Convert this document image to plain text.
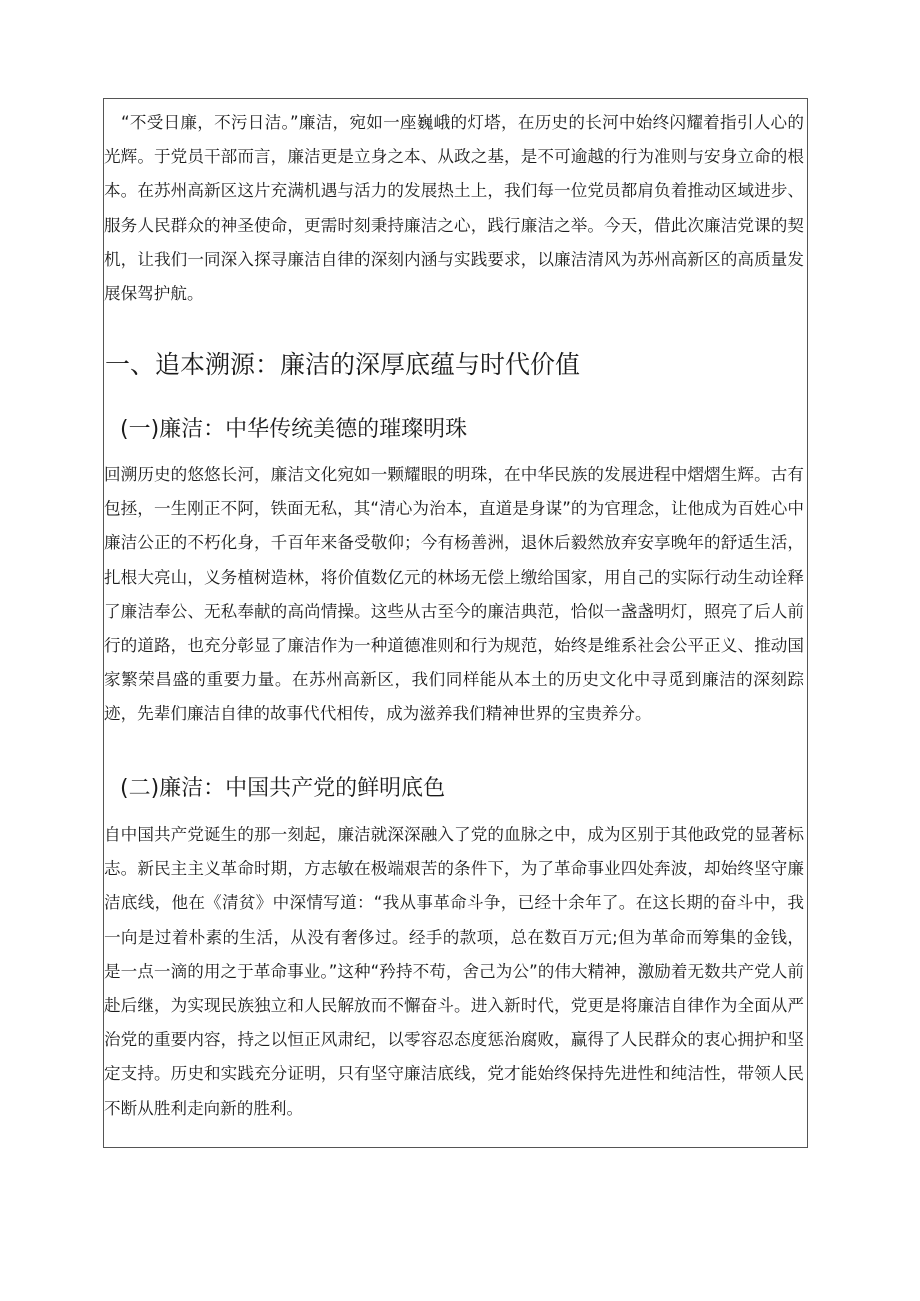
“不受日廉，不污日洁。”廉洁，宛如一座巍峨的灯塔，在历史的长河中始终闪耀着指引人心的光辉。于党员干部而言，廉洁更是立身之本、从政之基，是不可逾越的行为准则与安身立命的根本。在苏州高新区这片充满机遇与活力的发展热土上，我们每一位党员都肩负着推动区域进步、服务人民群众的神圣使命，更需时刻秉持廉洁之心，践行廉洁之举。今天，借此次廉洁党课的契机，让我们一同深入探寻廉洁自律的深刻内涵与实践要求，以廉洁清风为苏州高新区的高质量发展保驾护航。

一、追本溯源：廉洁的深厚底蕴与时代价值
(一)廉洁：中华传统美德的璀璨明珠

回溯历史的悠悠长河，廉洁文化宛如一颗耀眼的明珠，在中华民族的发展进程中熠熠生辉。古有包拯，一生刚正不阿，铁面无私，其“清心为治本，直道是身谋”的为官理念，让他成为百姓心中廉洁公正的不朽化身，千百年来备受敬仰；今有杨善洲，退休后毅然放弃安享晚年的舒适生活，扎根大亮山，义务植树造林，将价值数亿元的林场无偿上缴给国家，用自己的实际行动生动诠释了廉洁奉公、无私奉献的高尚情操。这些从古至今的廉洁典范，恰似一盏盏明灯，照亮了后人前行的道路，也充分彰显了廉洁作为一种道德准则和行为规范，始终是维系社会公平正义、推动国家繁荣昌盛的重要力量。在苏州高新区，我们同样能从本土的历史文化中寻觅到廉洁的深刻踪迹，先辈们廉洁自律的故事代代相传，成为滋养我们精神世界的宝贵养分。

(二)廉洁：中国共产党的鲜明底色

自中国共产党诞生的那一刻起，廉洁就深深融入了党的血脉之中，成为区别于其他政党的显著标志。新民主主义革命时期，方志敏在极端艰苦的条件下，为了革命事业四处奔波，却始终坚守廉洁底线，他在《清贫》中深情写道：“我从事革命斗争，已经十余年了。在这长期的奋斗中，我一向是过着朴素的生活，从没有奢侈过。经手的款项，总在数百万元;但为革命而筹集的金钱，是一点一滴的用之于革命事业。”这种“矜持不苟，舍己为公”的伟大精神，激励着无数共产党人前赴后继，为实现民族独立和人民解放而不懈奋斗。进入新时代，党更是将廉洁自律作为全面从严治党的重要内容，持之以恒正风肃纪，以零容忍态度惩治腐败，赢得了人民群众的衷心拥护和坚定支持。历史和实践充分证明，只有坚守廉洁底线，党才能始终保持先进性和纯洁性，带领人民不断从胜利走向新的胜利。
